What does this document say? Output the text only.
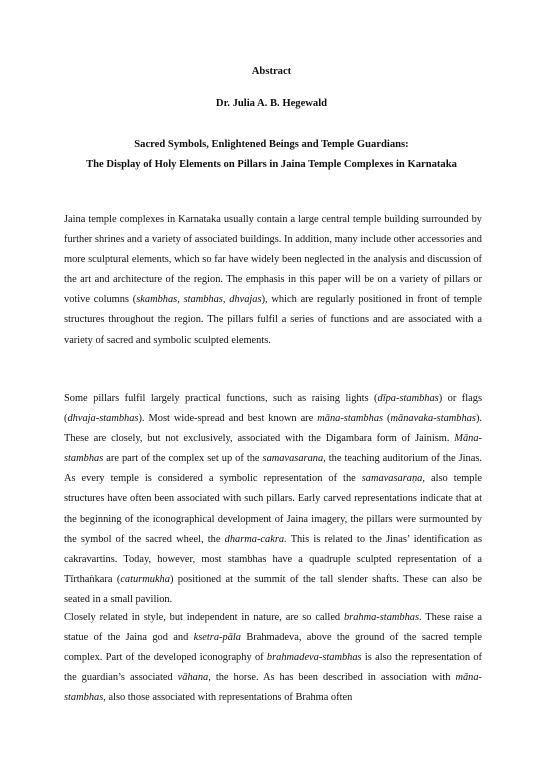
Abstract
Dr. Julia A. B. Hegewald
Sacred Symbols, Enlightened Beings and Temple Guardians:
The Display of Holy Elements on Pillars in Jaina Temple Complexes in Karnataka

Jaina temple complexes in Karnataka usually contain a large central temple building surrounded by further shrines and a variety of associated buildings. In addition, many include other accessories and more sculptural elements, which so far have widely been neglected in the analysis and discussion of the art and architecture of the region. The emphasis in this paper will be on a variety of pillars or votive columns (skambhas, stambhas, dhvajas), which are regularly positioned in front of temple structures throughout the region. The pillars fulfil a series of functions and are associated with a variety of sacred and symbolic sculpted elements.

Some pillars fulfil largely practical functions, such as raising lights (dīpa-stambhas) or flags (dhvaja-stambhas). Most wide-spread and best known are māna-stambhas (mānavaka-stambhas). These are closely, but not exclusively, associated with the Digambara form of Jainism. Māna-stambhas are part of the complex set up of the samavasarana, the teaching auditorium of the Jinas. As every temple is considered a symbolic representation of the samavasaraṇa, also temple structures have often been associated with such pillars. Early carved representations indicate that at the beginning of the iconographical development of Jaina imagery, the pillars were surmounted by the symbol of the sacred wheel, the dharma-cakra. This is related to the Jinas’ identification as cakravartins. Today, however, most stambhas have a quadruple sculpted representation of a Tīrthaṅkara (caturmukha) positioned at the summit of the tall slender shafts. These can also be seated in a small pavilion.

Closely related in style, but independent in nature, are so called brahma-stambhas. These raise a statue of the Jaina god and ksetra-pāla Brahmadeva, above the ground of the sacred temple complex. Part of the developed iconography of brahmadeva-stambhas is also the representation of the guardian’s associated vāhana, the horse. As has been described in association with māna-stambhas, also those associated with representations of Brahma often
